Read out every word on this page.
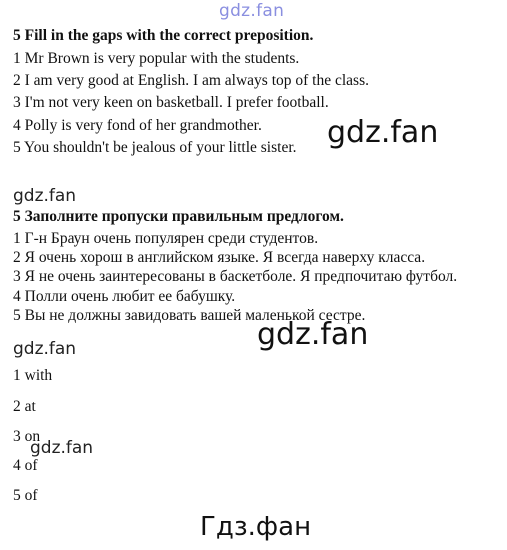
gdz.fan
5 Fill in the gaps with the correct preposition.
1 Mr Brown is very popular with the students.
2 I am very good at English. I am always top of the class.
3 I'm not very keen on basketball. I prefer football.
4 Polly is very fond of her grandmother.
5 You shouldn't be jealous of your little sister. gdz.fan
gdz.fan
5 Заполните пропуски правильным предлогом.
1 Г-н Браун очень популярен среди студентов.
2 Я очень хорош в английском языке. Я всегда наверху класса.
3 Я не очень заинтересованы в баскетболе. Я предпочитаю футбол.
4 Полли очень любит ее бабушку.
5 Вы не должны завидовать вашей маленькой сестре.
gdz.fan
gdz.fan
1 with
2 at
3 on
gdz.fan
4 of
5 of
Гдз.фан
